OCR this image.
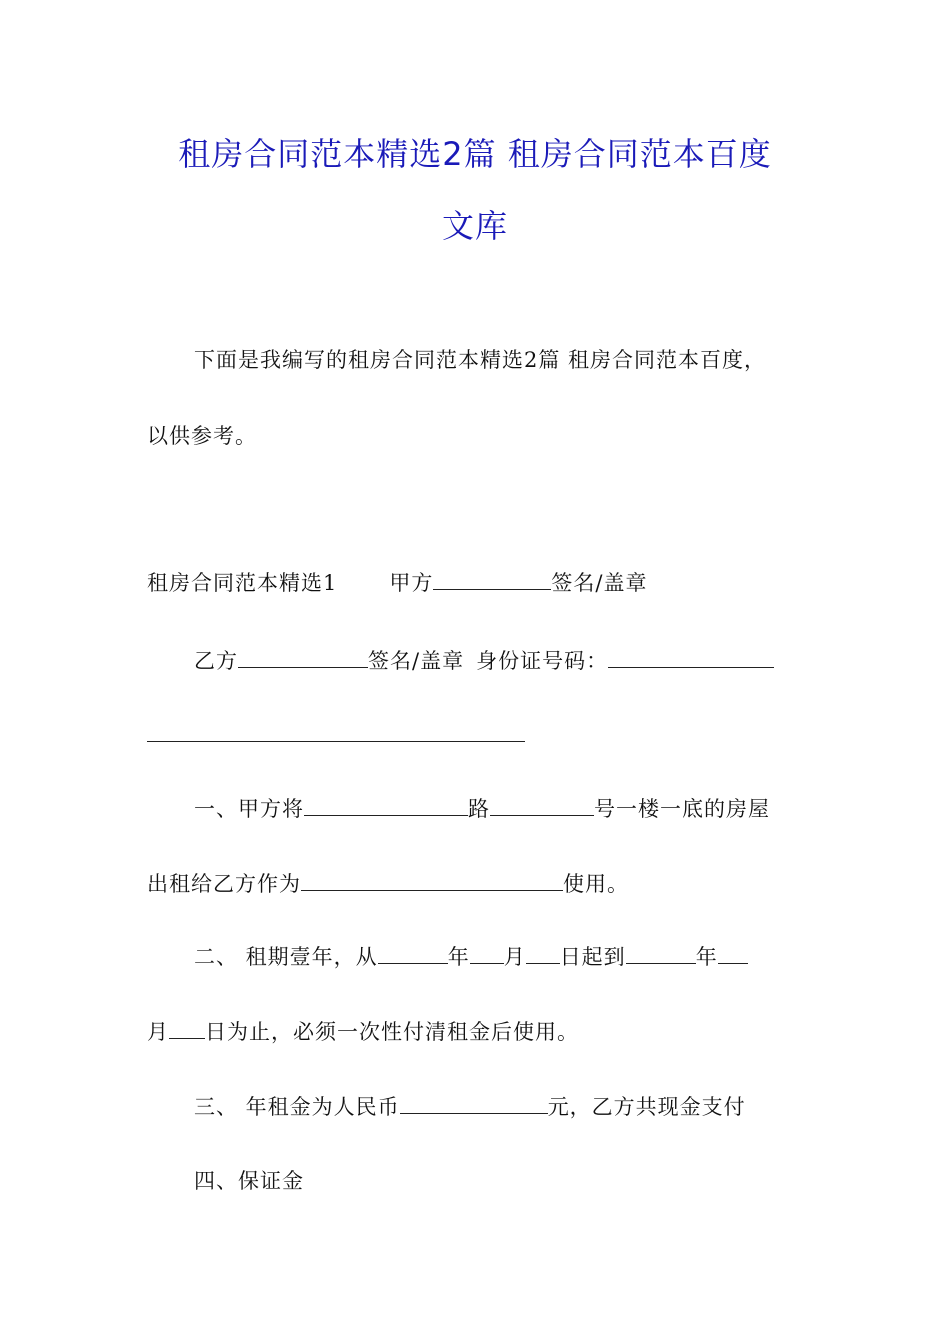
租房合同范本精选2篇 租房合同范本百度
文库
下面是我编写的租房合同范本精选2篇 租房合同范本百度，
以供参考。
租房合同范本精选1 甲方	签名/盖章
乙方	签名/盖章 身份证号码：
一、甲方将	路	号一楼一底的房屋
出租给乙方作为	使用。
二、 租期壹年，从	年 月 日起到	年
月 日为止，必须一次性付清租金后使用。
三、 年租金为人民币	元，乙方共现金支付
四、保证金
